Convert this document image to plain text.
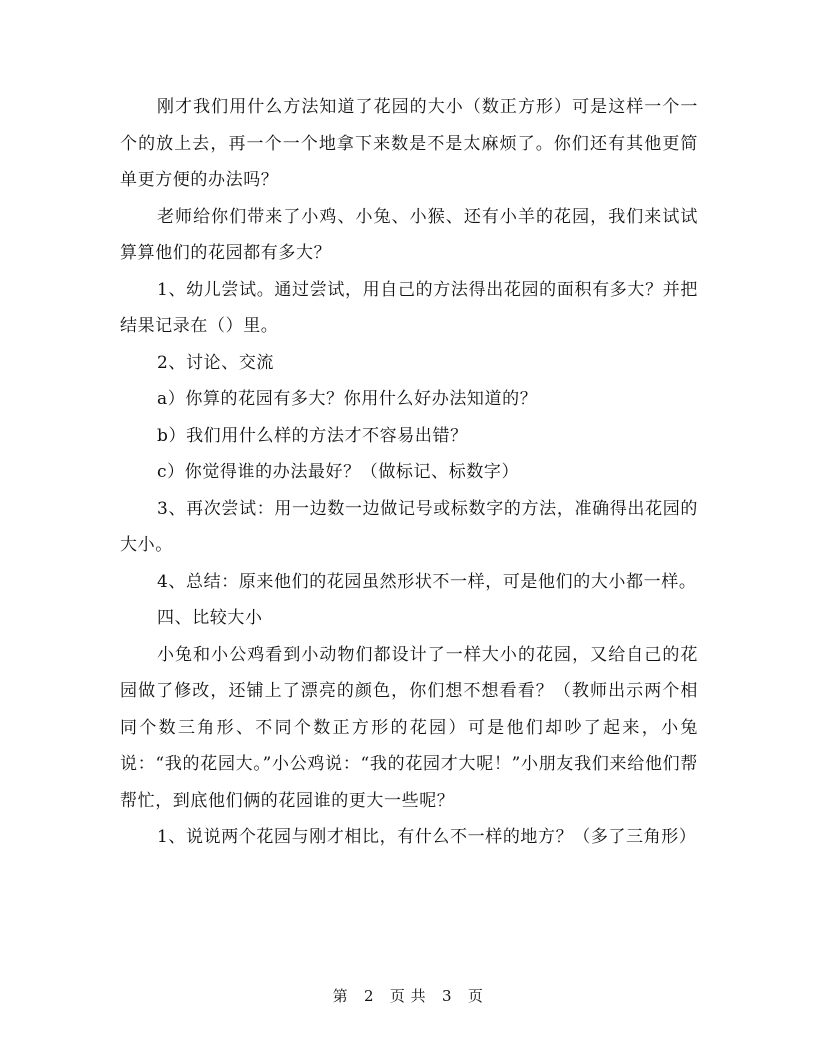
刚才我们用什么方法知道了花园的大小（数正方形）可是这样一个一个的放上去，再一个一个地拿下来数是不是太麻烦了。你们还有其他更简单更方便的办法吗？

老师给你们带来了小鸡、小兔、小猴、还有小羊的花园，我们来试试算算他们的花园都有多大？

1、幼儿尝试。通过尝试，用自己的方法得出花园的面积有多大？并把结果记录在（）里。

2、讨论、交流

a）你算的花园有多大？你用什么好办法知道的？

b）我们用什么样的方法才不容易出错？

c）你觉得谁的办法最好？（做标记、标数字）

3、再次尝试：用一边数一边做记号或标数字的方法，准确得出花园的大小。

4、总结：原来他们的花园虽然形状不一样，可是他们的大小都一样。

四、比较大小

小兔和小公鸡看到小动物们都设计了一样大小的花园，又给自己的花园做了修改，还铺上了漂亮的颜色，你们想不想看看？（教师出示两个相同个数三角形、不同个数正方形的花园）可是他们却吵了起来，小兔说：“我的花园大。”小公鸡说：“我的花园才大呢！”小朋友我们来给他们帮帮忙，到底他们俩的花园谁的更大一些呢？

1、说说两个花园与刚才相比，有什么不一样的地方？（多了三角形）

第 2 页 共 3 页
